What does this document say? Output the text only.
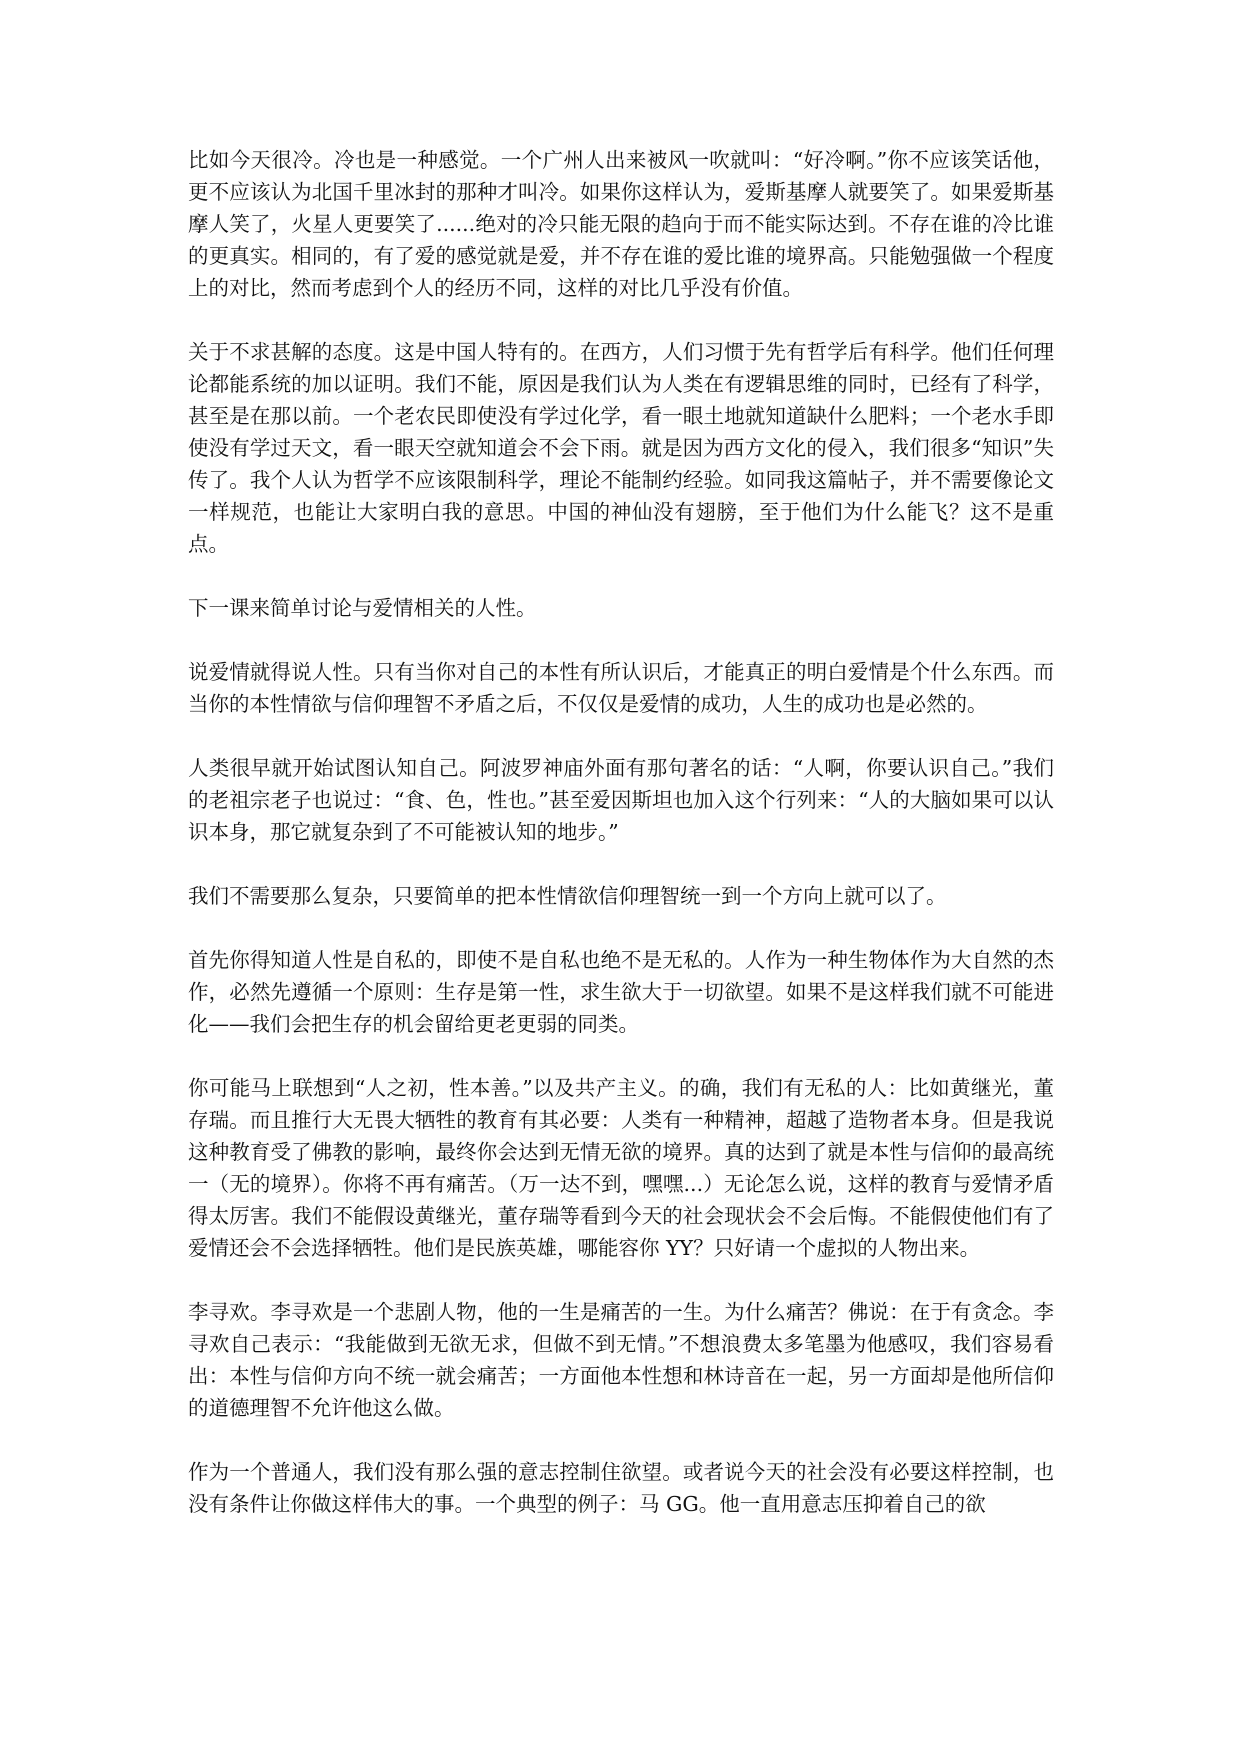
比如今天很冷。冷也是一种感觉。一个广州人出来被风一吹就叫：“好冷啊。”你不应该笑话他，更不应该认为北国千里冰封的那种才叫冷。如果你这样认为，爱斯基摩人就要笑了。如果爱斯基摩人笑了，火星人更要笑了......绝对的冷只能无限的趋向于而不能实际达到。不存在谁的冷比谁的更真实。相同的，有了爱的感觉就是爱，并不存在谁的爱比谁的境界高。只能勉强做一个程度上的对比，然而考虑到个人的经历不同，这样的对比几乎没有价值。

关于不求甚解的态度。这是中国人特有的。在西方，人们习惯于先有哲学后有科学。他们任何理论都能系统的加以证明。我们不能，原因是我们认为人类在有逻辑思维的同时，已经有了科学，甚至是在那以前。一个老农民即使没有学过化学，看一眼土地就知道缺什么肥料；一个老水手即使没有学过天文，看一眼天空就知道会不会下雨。就是因为西方文化的侵入，我们很多“知识”失传了。我个人认为哲学不应该限制科学，理论不能制约经验。如同我这篇帖子，并不需要像论文一样规范，也能让大家明白我的意思。中国的神仙没有翅膀，至于他们为什么能飞？这不是重点。

下一课来简单讨论与爱情相关的人性。

说爱情就得说人性。只有当你对自己的本性有所认识后，才能真正的明白爱情是个什么东西。而当你的本性情欲与信仰理智不矛盾之后，不仅仅是爱情的成功，人生的成功也是必然的。

人类很早就开始试图认知自己。阿波罗神庙外面有那句著名的话：“人啊，你要认识自己。”我们的老祖宗老子也说过：“食、色，性也。”甚至爱因斯坦也加入这个行列来：“人的大脑如果可以认识本身，那它就复杂到了不可能被认知的地步。”

我们不需要那么复杂，只要简单的把本性情欲信仰理智统一到一个方向上就可以了。

首先你得知道人性是自私的，即使不是自私也绝不是无私的。人作为一种生物体作为大自然的杰作，必然先遵循一个原则：生存是第一性，求生欲大于一切欲望。如果不是这样我们就不可能进化——我们会把生存的机会留给更老更弱的同类。

你可能马上联想到“人之初，性本善。”以及共产主义。的确，我们有无私的人：比如黄继光，董存瑞。而且推行大无畏大牺牲的教育有其必要：人类有一种精神，超越了造物者本身。但是我说这种教育受了佛教的影响，最终你会达到无情无欲的境界。真的达到了就是本性与信仰的最高统一（无的境界）。你将不再有痛苦。（万一达不到，嘿嘿...）无论怎么说，这样的教育与爱情矛盾得太厉害。我们不能假设黄继光，董存瑞等看到今天的社会现状会不会后悔。不能假使他们有了爱情还会不会选择牺牲。他们是民族英雄，哪能容你 YY？只好请一个虚拟的人物出来。

李寻欢。李寻欢是一个悲剧人物，他的一生是痛苦的一生。为什么痛苦？佛说：在于有贪念。李寻欢自己表示：“我能做到无欲无求，但做不到无情。”不想浪费太多笔墨为他感叹，我们容易看出：本性与信仰方向不统一就会痛苦；一方面他本性想和林诗音在一起，另一方面却是他所信仰的道德理智不允许他这么做。

作为一个普通人，我们没有那么强的意志控制住欲望。或者说今天的社会没有必要这样控制，也没有条件让你做这样伟大的事。一个典型的例子：马 GG。他一直用意志压抑着自己的欲
